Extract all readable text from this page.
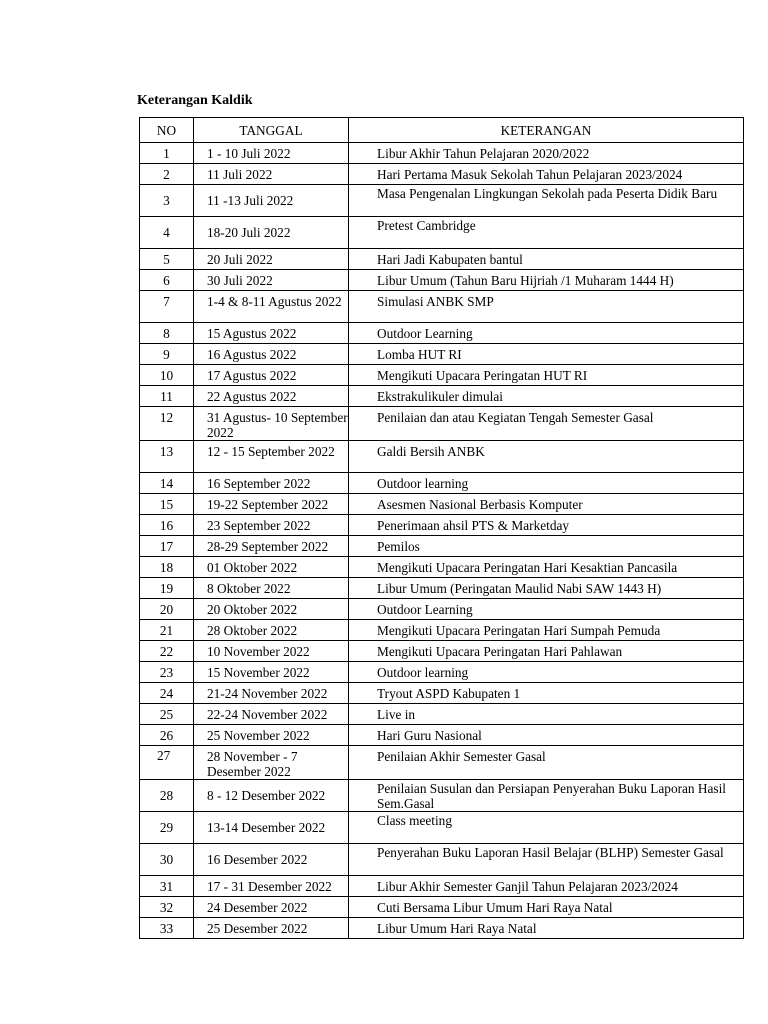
Keterangan Kaldik
NO	TANGGAL	KETERANGAN
1	1 - 10 Juli 2022	Libur Akhir Tahun Pelajaran 2020/2022
2	11 Juli 2022	Hari Pertama Masuk Sekolah Tahun Pelajaran 2023/2024
3	11 -13 Juli 2022	Masa Pengenalan Lingkungan Sekolah pada Peserta Didik Baru
4	18-20 Juli 2022	Pretest Cambridge
5	20 Juli 2022	Hari Jadi Kabupaten bantul
6	30 Juli 2022	Libur Umum (Tahun Baru Hijriah /1 Muharam 1444 H)
7	1-4 & 8-11 Agustus 2022	Simulasi ANBK SMP
8	15 Agustus 2022	Outdoor Learning
9	16 Agustus 2022	Lomba HUT RI
10	17 Agustus 2022	Mengikuti Upacara Peringatan HUT RI
11	22 Agustus 2022	Ekstrakulikuler dimulai
12	31 Agustus- 10 September 2022	Penilaian dan atau Kegiatan Tengah Semester Gasal
13	12 - 15 September 2022	Galdi Bersih ANBK
14	16 September 2022	Outdoor learning
15	19-22 September 2022	Asesmen Nasional Berbasis Komputer
16	23 September 2022	Penerimaan ahsil PTS & Marketday
17	28-29 September 2022	Pemilos
18	01 Oktober 2022	Mengikuti Upacara Peringatan Hari Kesaktian Pancasila
19	8 Oktober 2022	Libur Umum (Peringatan Maulid Nabi SAW 1443 H)
20	20 Oktober 2022	Outdoor Learning
21	28 Oktober 2022	Mengikuti Upacara Peringatan Hari Sumpah Pemuda
22	10 November 2022	Mengikuti Upacara Peringatan Hari Pahlawan
23	15 November 2022	Outdoor learning
24	21-24 November 2022	Tryout ASPD Kabupaten 1
25	22-24 November 2022	Live in
26	25 November 2022	Hari Guru Nasional
27	28 November - 7 Desember 2022	Penilaian Akhir Semester Gasal
28	8 - 12 Desember 2022	Penilaian Susulan dan Persiapan Penyerahan Buku Laporan Hasil Sem.Gasal
29	13-14 Desember 2022	Class meeting
30	16 Desember 2022	Penyerahan Buku Laporan Hasil Belajar (BLHP) Semester Gasal
31	17 - 31 Desember 2022	Libur Akhir Semester Ganjil Tahun Pelajaran 2023/2024
32	24 Desember 2022	Cuti Bersama Libur Umum Hari Raya Natal
33	25 Desember 2022	Libur Umum Hari Raya Natal
